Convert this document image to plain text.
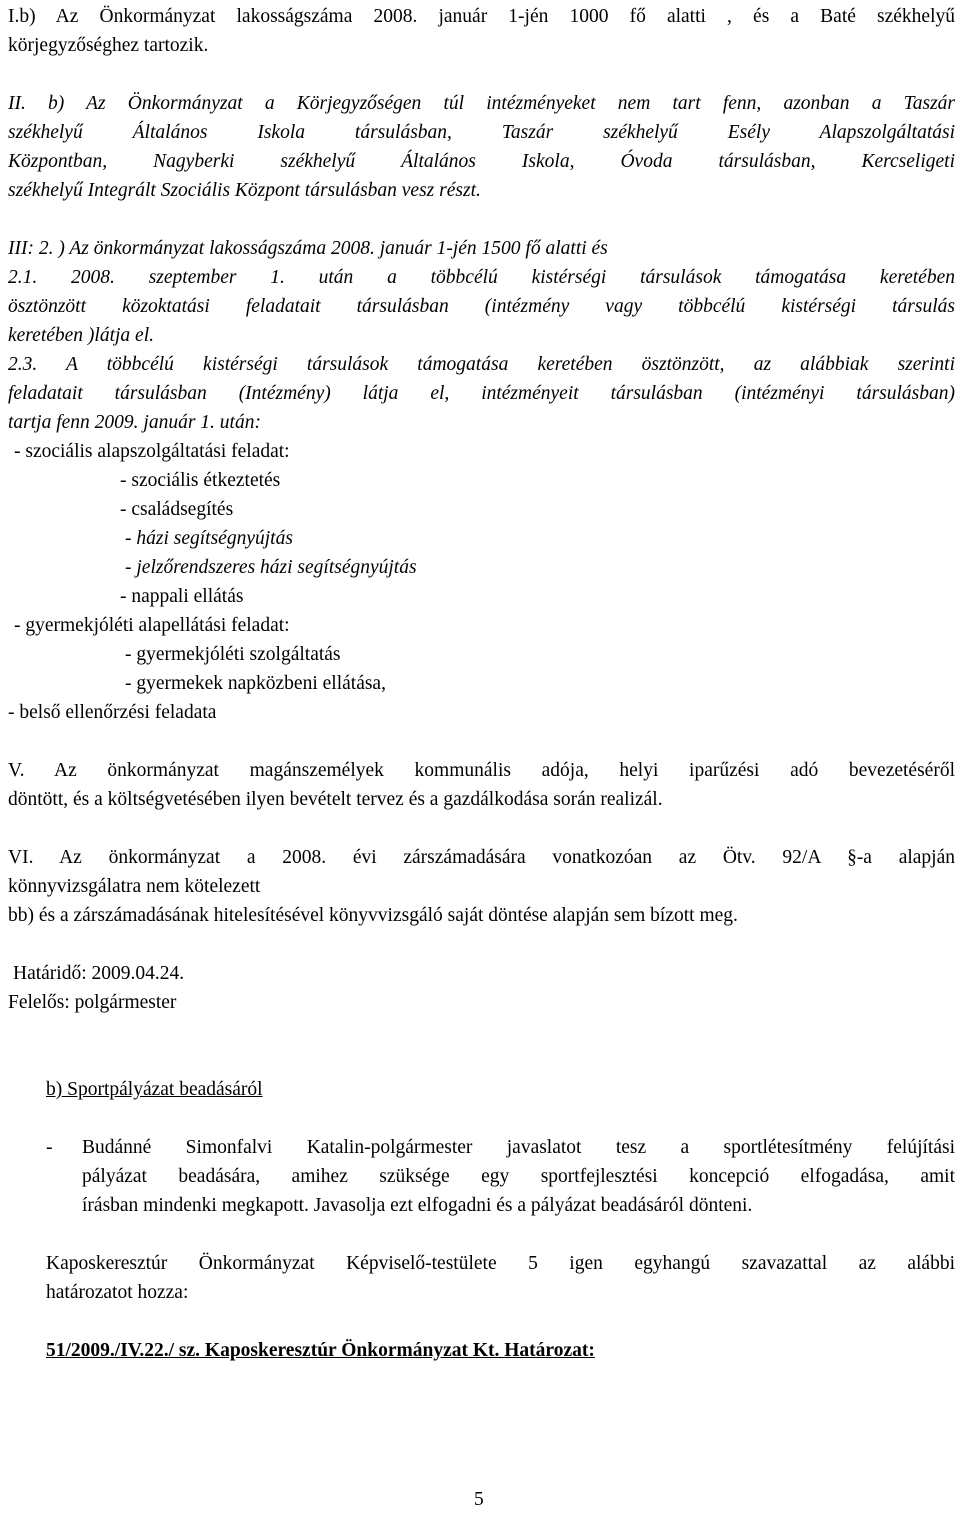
I.b) Az Önkormányzat lakosságszáma 2008. január 1-jén 1000 fő alatti , és a Baté székhelyű
körjegyzőséghez tartozik.
II. b) Az Önkormányzat a Körjegyzőségen túl intézményeket nem tart fenn, azonban a Taszár
székhelyű Általános Iskola társulásban, Taszár székhelyű Esély Alapszolgáltatási
Központban, Nagyberki székhelyű Általános Iskola, Óvoda társulásban, Kercseligeti
székhelyű Integrált Szociális Központ társulásban vesz részt.
III: 2. ) Az önkormányzat lakosságszáma 2008. január 1-jén 1500 fő alatti és
2.1. 2008. szeptember 1. után a többcélú kistérségi társulások támogatása keretében
ösztönzött közoktatási feladatait társulásban (intézmény vagy többcélú kistérségi társulás
keretében )látja el.
2.3. A többcélú kistérségi társulások támogatása keretében ösztönzött, az alábbiak szerinti
feladatait társulásban (Intézmény) látja el, intézményeit társulásban (intézményi társulásban)
tartja fenn 2009. január 1. után:
- szociális alapszolgáltatási feladat:
- szociális étkeztetés
- családsegítés
- házi segítségnyújtás
- jelzőrendszeres házi segítségnyújtás
- nappali ellátás
- gyermekjóléti alapellátási feladat:
- gyermekjóléti szolgáltatás
- gyermekek napközbeni ellátása,
- belső ellenőrzési feladata
V. Az önkormányzat magánszemélyek kommunális adója, helyi iparűzési adó bevezetéséről
döntött, és a költségvetésében ilyen bevételt tervez és a gazdálkodása során realizál.
VI. Az önkormányzat a 2008. évi zárszámadására vonatkozóan az Ötv. 92/A §-a alapján
könnyvizsgálatra nem kötelezett
bb) és a zárszámadásának hitelesítésével könyvvizsgáló saját döntése alapján sem bízott meg.
Határidő: 2009.04.24.
Felelős: polgármester
b) Sportpályázat beadásáról
- Budánné Simonfalvi Katalin-polgármester javaslatot tesz a sportlétesítmény felújítási
pályázat beadására, amihez szüksége egy sportfejlesztési koncepció elfogadása, amit
írásban mindenki megkapott. Javasolja ezt elfogadni és a pályázat beadásáról dönteni.
Kaposkeresztúr Önkormányzat Képviselő-testülete 5 igen egyhangú szavazattal az alábbi
határozatot hozza:
51/2009./IV.22./ sz. Kaposkeresztúr Önkormányzat Kt. Határozat:
5
